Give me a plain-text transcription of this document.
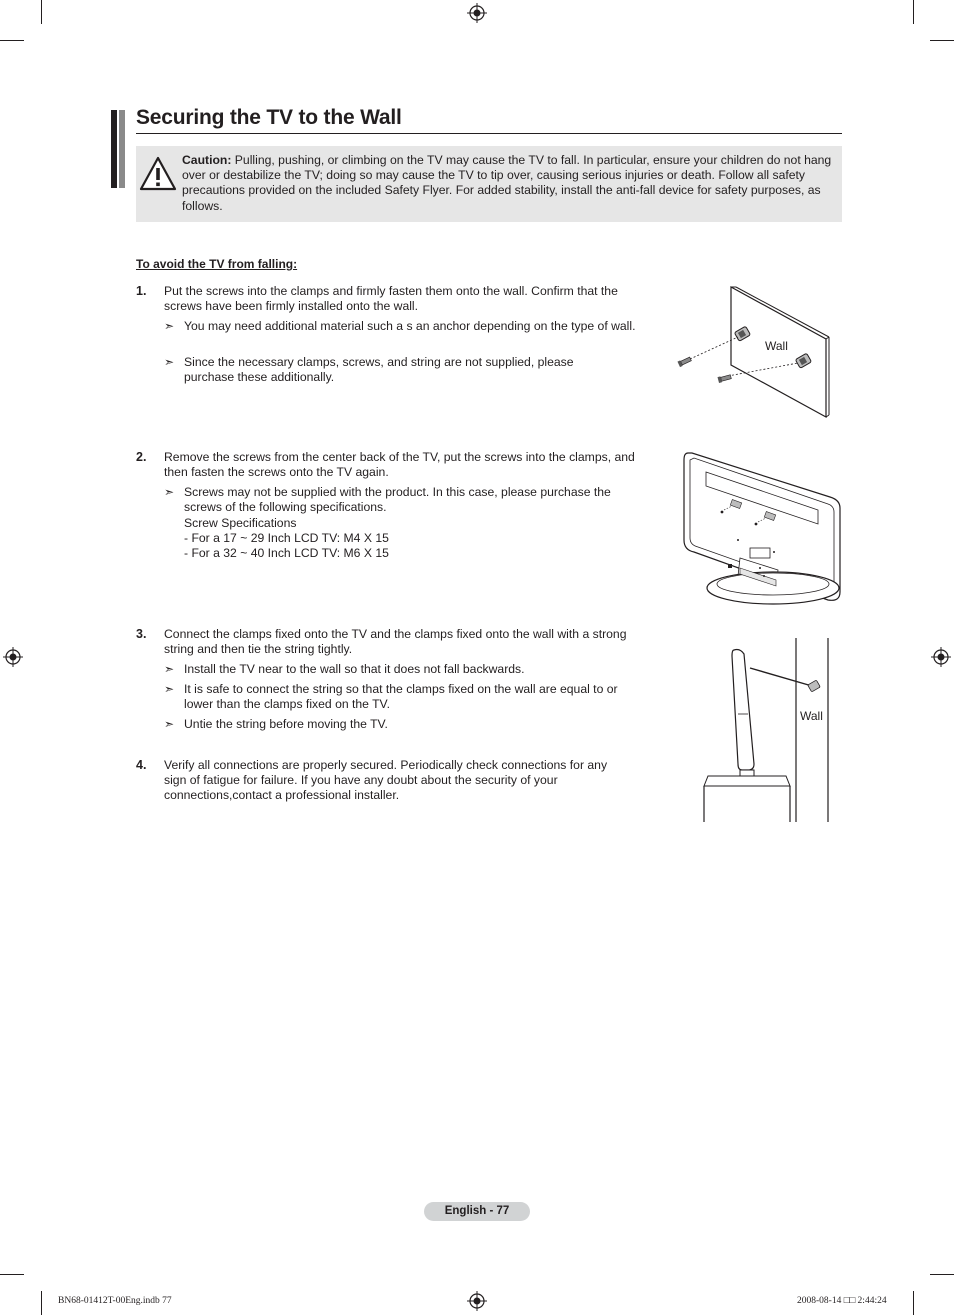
Securing the TV to the Wall
Caution: Pulling, pushing, or climbing on the TV may cause the TV to fall. In particular, ensure your children do not hang over or destabilize the TV; doing so may cause the TV to tip over, causing serious injuries or death. Follow all safety precautions provided on the included Safety Flyer. For added stability, install the anti-fall device for safety purposes, as follows.
To avoid the TV from falling:
1. Put the screws into the clamps and firmly fasten them onto the wall. Confirm that the screws have been firmly installed onto the wall.
➣ You may need additional material such a s an anchor depending on the type of wall.
➣ Since the necessary clamps, screws, and string are not supplied, please purchase these additionally.
Wall
2. Remove the screws from the center back of the TV, put the screws into the clamps, and then fasten the screws onto the TV again.
➣ Screws may not be supplied with the product. In this case, please purchase the screws of the following specifications.
Screw Specifications
- For a 17 ~ 29 Inch LCD TV: M4 X 15
- For a 32 ~ 40 Inch LCD TV: M6 X 15
3. Connect the clamps fixed onto the TV and the clamps fixed onto the wall with a strong string and then tie the string tightly.
➣ Install the TV near to the wall so that it does not fall backwards.
➣ It is safe to connect the string so that the clamps fixed on the wall are equal to or lower than the clamps fixed on the TV.
➣ Untie the string before moving the TV.
Wall
4. Verify all connections are properly secured. Periodically check connections for any sign of fatigue for failure. If you have any doubt about the security of your connections,contact a professional installer.
English - 77
BN68-01412T-00Eng.indb 77	2008-08-14 □□ 2:44:24
